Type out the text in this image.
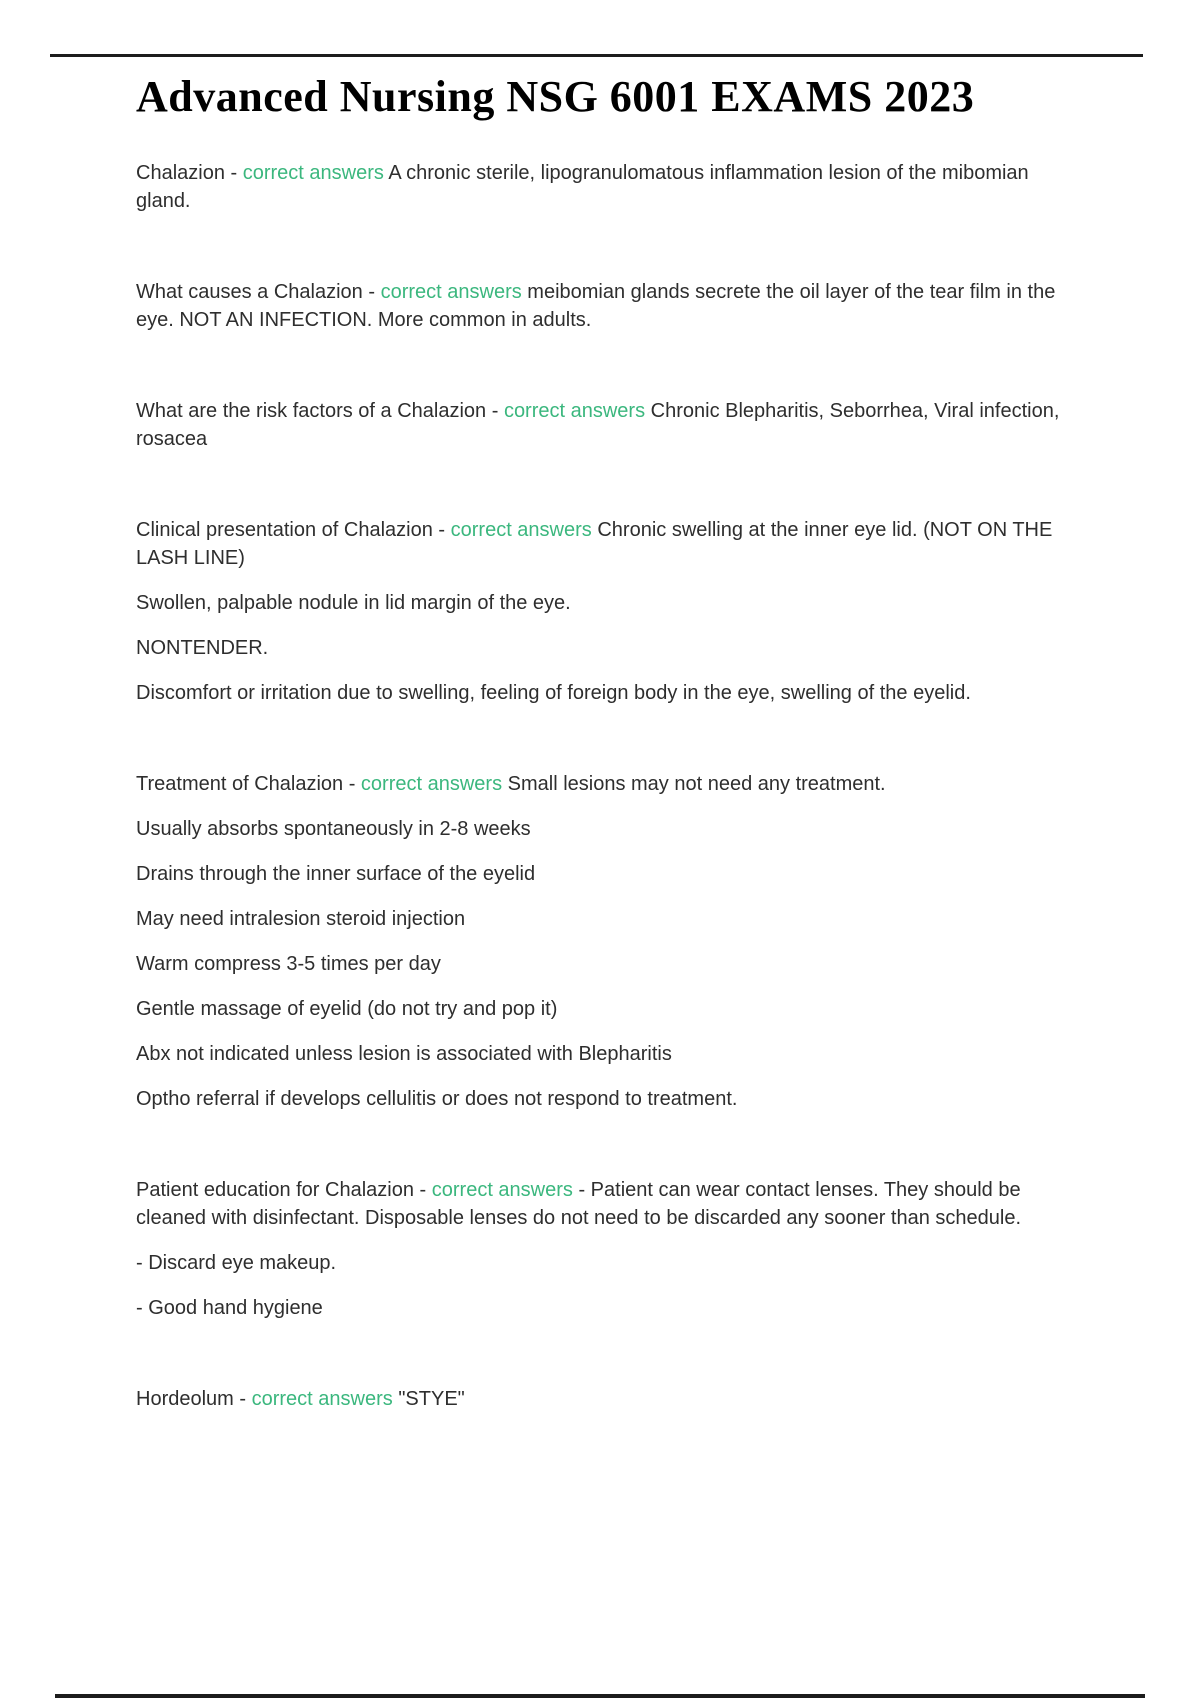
Advanced Nursing NSG 6001 EXAMS 2023

Chalazion - correct answers A chronic sterile, lipogranulomatous inflammation lesion of the mibomian gland.

What causes a Chalazion - correct answers meibomian glands secrete the oil layer of the tear film in the eye. NOT AN INFECTION. More common in adults.

What are the risk factors of a Chalazion - correct answers Chronic Blepharitis, Seborrhea, Viral infection, rosacea

Clinical presentation of Chalazion - correct answers Chronic swelling at the inner eye lid. (NOT ON THE LASH LINE)

Swollen, palpable nodule in lid margin of the eye.

NONTENDER.

Discomfort or irritation due to swelling, feeling of foreign body in the eye, swelling of the eyelid.

Treatment of Chalazion - correct answers Small lesions may not need any treatment.

Usually absorbs spontaneously in 2-8 weeks

Drains through the inner surface of the eyelid

May need intralesion steroid injection

Warm compress 3-5 times per day

Gentle massage of eyelid (do not try and pop it)

Abx not indicated unless lesion is associated with Blepharitis

Optho referral if develops cellulitis or does not respond to treatment.

Patient education for Chalazion - correct answers - Patient can wear contact lenses. They should be cleaned with disinfectant. Disposable lenses do not need to be discarded any sooner than schedule.

- Discard eye makeup.

- Good hand hygiene

Hordeolum - correct answers "STYE"
